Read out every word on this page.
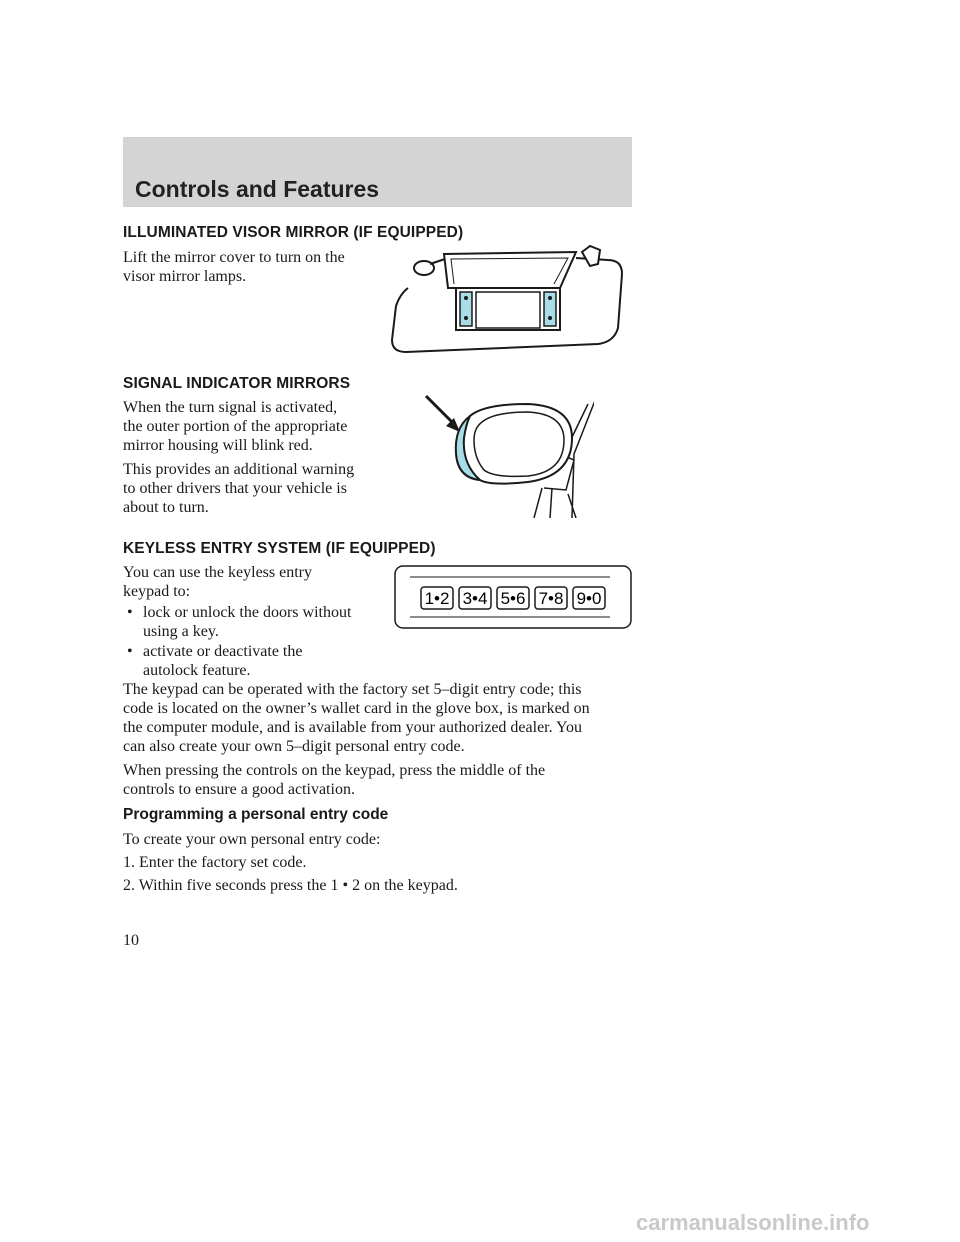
Controls and Features
ILLUMINATED VISOR MIRROR (IF EQUIPPED)
Lift the mirror cover to turn on the
visor mirror lamps.
SIGNAL INDICATOR MIRRORS
When the turn signal is activated,
the outer portion of the appropriate
mirror housing will blink red.
This provides an additional warning
to other drivers that your vehicle is
about to turn.
KEYLESS ENTRY SYSTEM (IF EQUIPPED)
You can use the keyless entry
keypad to:
• lock or unlock the doors without
using a key.
• activate or deactivate the
autolock feature.
1•2 3•4 5•6 7•8 9•0
The keypad can be operated with the factory set 5–digit entry code; this
code is located on the owner’s wallet card in the glove box, is marked on
the computer module, and is available from your authorized dealer. You
can also create your own 5–digit personal entry code.
When pressing the controls on the keypad, press the middle of the
controls to ensure a good activation.
Programming a personal entry code
To create your own personal entry code:
1. Enter the factory set code.
2. Within five seconds press the 1 • 2 on the keypad.
10
carmanualsonline.info
